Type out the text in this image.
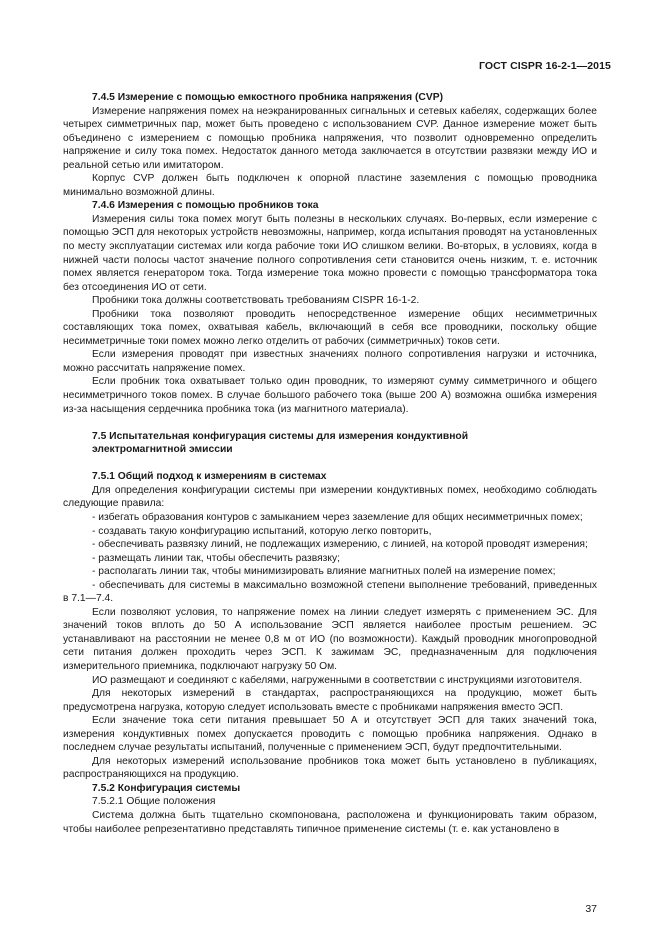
ГОСТ CISPR 16-2-1—2015
7.4.5 Измерение с помощью емкостного пробника напряжения (CVP)

Измерение напряжения помех на неэкранированных сигнальных и сетевых кабелях, содержащих более четырех симметричных пар, может быть проведено с использованием CVP. Данное измерение может быть объединено с измерением с помощью пробника напряжения, что позволит одновременно определить напряжение и силу тока помех. Недостаток данного метода заключается в отсутствии развязки между ИО и реальной сетью или имитатором.

Корпус CVP должен быть подключен к опорной пластине заземления с помощью проводника минимально возможной длины.

7.4.6 Измерения с помощью пробников тока

Измерения силы тока помех могут быть полезны в нескольких случаях. Во-первых, если измерение с помощью ЭСП для некоторых устройств невозможны, например, когда испытания проводят на установленных по месту эксплуатации системах или когда рабочие токи ИО слишком велики. Во-вторых, в условиях, когда в нижней части полосы частот значение полного сопротивления сети становится очень низким, т. е. источник помех является генератором тока. Тогда измерение тока можно провести с помощью трансформатора тока без отсоединения ИО от сети.

Пробники тока должны соответствовать требованиям CISPR 16-1-2.

Пробники тока позволяют проводить непосредственное измерение общих несимметричных составляющих тока помех, охватывая кабель, включающий в себя все проводники, поскольку общие несимметричные токи помех можно легко отделить от рабочих (симметричных) токов сети.

Если измерения проводят при известных значениях полного сопротивления нагрузки и источника, можно рассчитать напряжение помех.

Если пробник тока охватывает только один проводник, то измеряют сумму симметричного и общего несимметричного токов помех. В случае большого рабочего тока (выше 200 А) возможна ошибка измерения из-за насыщения сердечника пробника тока (из магнитного материала).

7.5 Испытательная конфигурация системы для измерения кондуктивной
электромагнитной эмиссии
7.5.1 Общий подход к измерениям в системах

Для определения конфигурации системы при измерении кондуктивных помех, необходимо соблюдать следующие правила:

- избегать образования контуров с замыканием через заземление для общих несимметричных помех;

- создавать такую конфигурацию испытаний, которую легко повторить,

- обеспечивать развязку линий, не подлежащих измерению, с линией, на которой проводят измерения;

- размещать линии так, чтобы обеспечить развязку;

- располагать линии так, чтобы минимизировать влияние магнитных полей на измерение помех;

- обеспечивать для системы в максимально возможной степени выполнение требований, приведенных в 7.1—7.4.

Если позволяют условия, то напряжение помех на линии следует измерять с применением ЭС. Для значений токов вплоть до 50 А использование ЭСП является наиболее простым решением. ЭС устанавливают на расстоянии не менее 0,8 м от ИО (по возможности). Каждый проводник многопроводной сети питания должен проходить через ЭСП. К зажимам ЭС, предназначенным для подключения измерительного приемника, подключают нагрузку 50 Ом.

ИО размещают и соединяют с кабелями, нагруженными в соответствии с инструкциями изготовителя.

Для некоторых измерений в стандартах, распространяющихся на продукцию, может быть предусмотрена нагрузка, которую следует использовать вместе с пробниками напряжения вместо ЭСП.

Если значение тока сети питания превышает 50 А и отсутствует ЭСП для таких значений тока, измерения кондуктивных помех допускается проводить с помощью пробника напряжения. Однако в последнем случае результаты испытаний, полученные с применением ЭСП, будут предпочтительными.

Для некоторых измерений использование пробников тока может быть установлено в публикациях, распространяющихся на продукцию.

7.5.2 Конфигурация системы
7.5.2.1 Общие положения

Система должна быть тщательно скомпонована, расположена и функционировать таким образом, чтобы наиболее репрезентативно представлять типичное применение системы (т. е. как установлено в

37
